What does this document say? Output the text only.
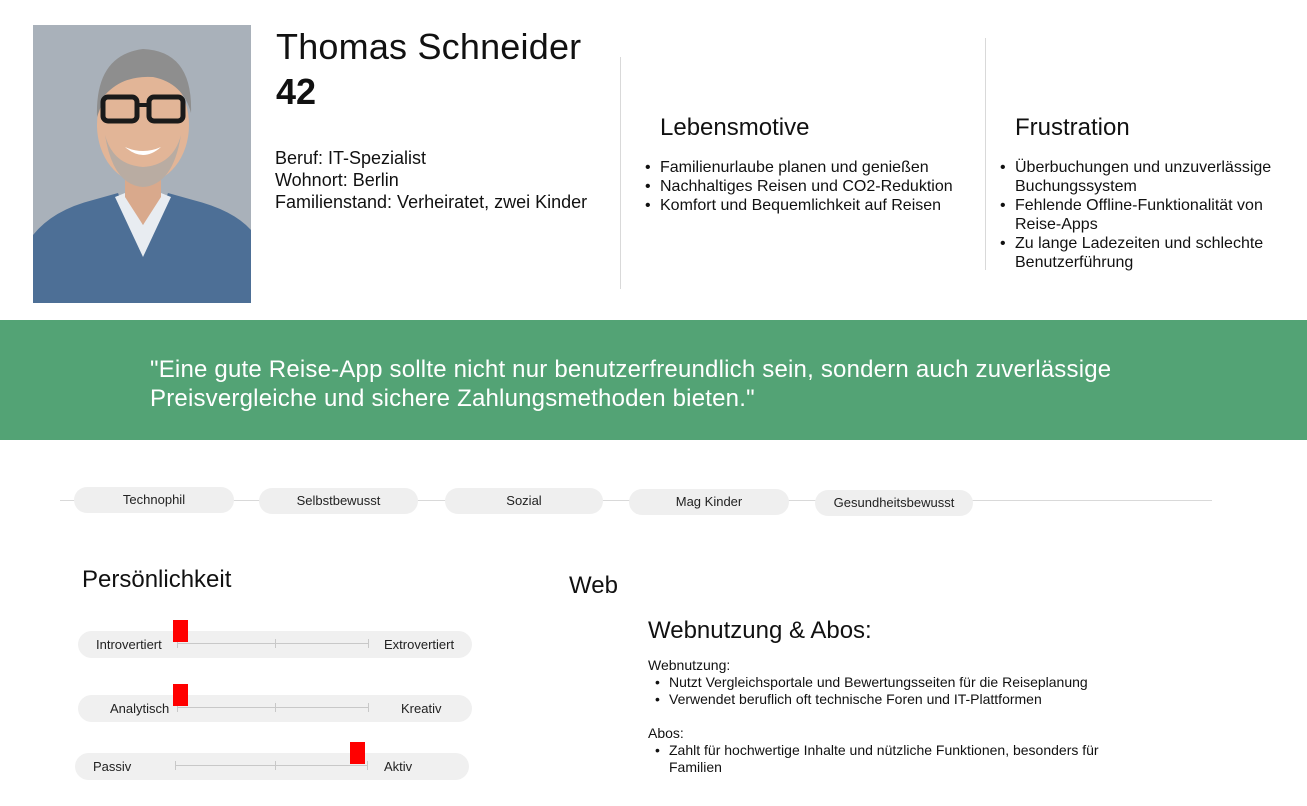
Thomas Schneider
42
Beruf: IT-Spezialist
Wohnort: Berlin
Familienstand: Verheiratet, zwei Kinder
Lebensmotive
• Familienurlaube planen und genießen
• Nachhaltiges Reisen und CO2-Reduktion
• Komfort und Bequemlichkeit auf Reisen
Frustration
• Überbuchungen und unzuverlässige Buchungssystem
• Fehlende Offline-Funktionalität von Reise-Apps
• Zu lange Ladezeiten und schlechte Benutzerführung
"Eine gute Reise-App sollte nicht nur benutzerfreundlich sein, sondern auch zuverlässige
Preisvergleiche und sichere Zahlungsmethoden bieten."
Technophil	Selbstbewusst	Sozial	Mag Kinder	Gesundheitsbewusst
Persönlichkeit
Introvertiert	Extrovertiert
Analytisch	Kreativ
Passiv	Aktiv
Web
Webnutzung & Abos:
Webnutzung:
• Nutzt Vergleichsportale und Bewertungsseiten für die Reiseplanung
• Verwendet beruflich oft technische Foren und IT-Plattformen
Abos:
• Zahlt für hochwertige Inhalte und nützliche Funktionen, besonders für Familien
